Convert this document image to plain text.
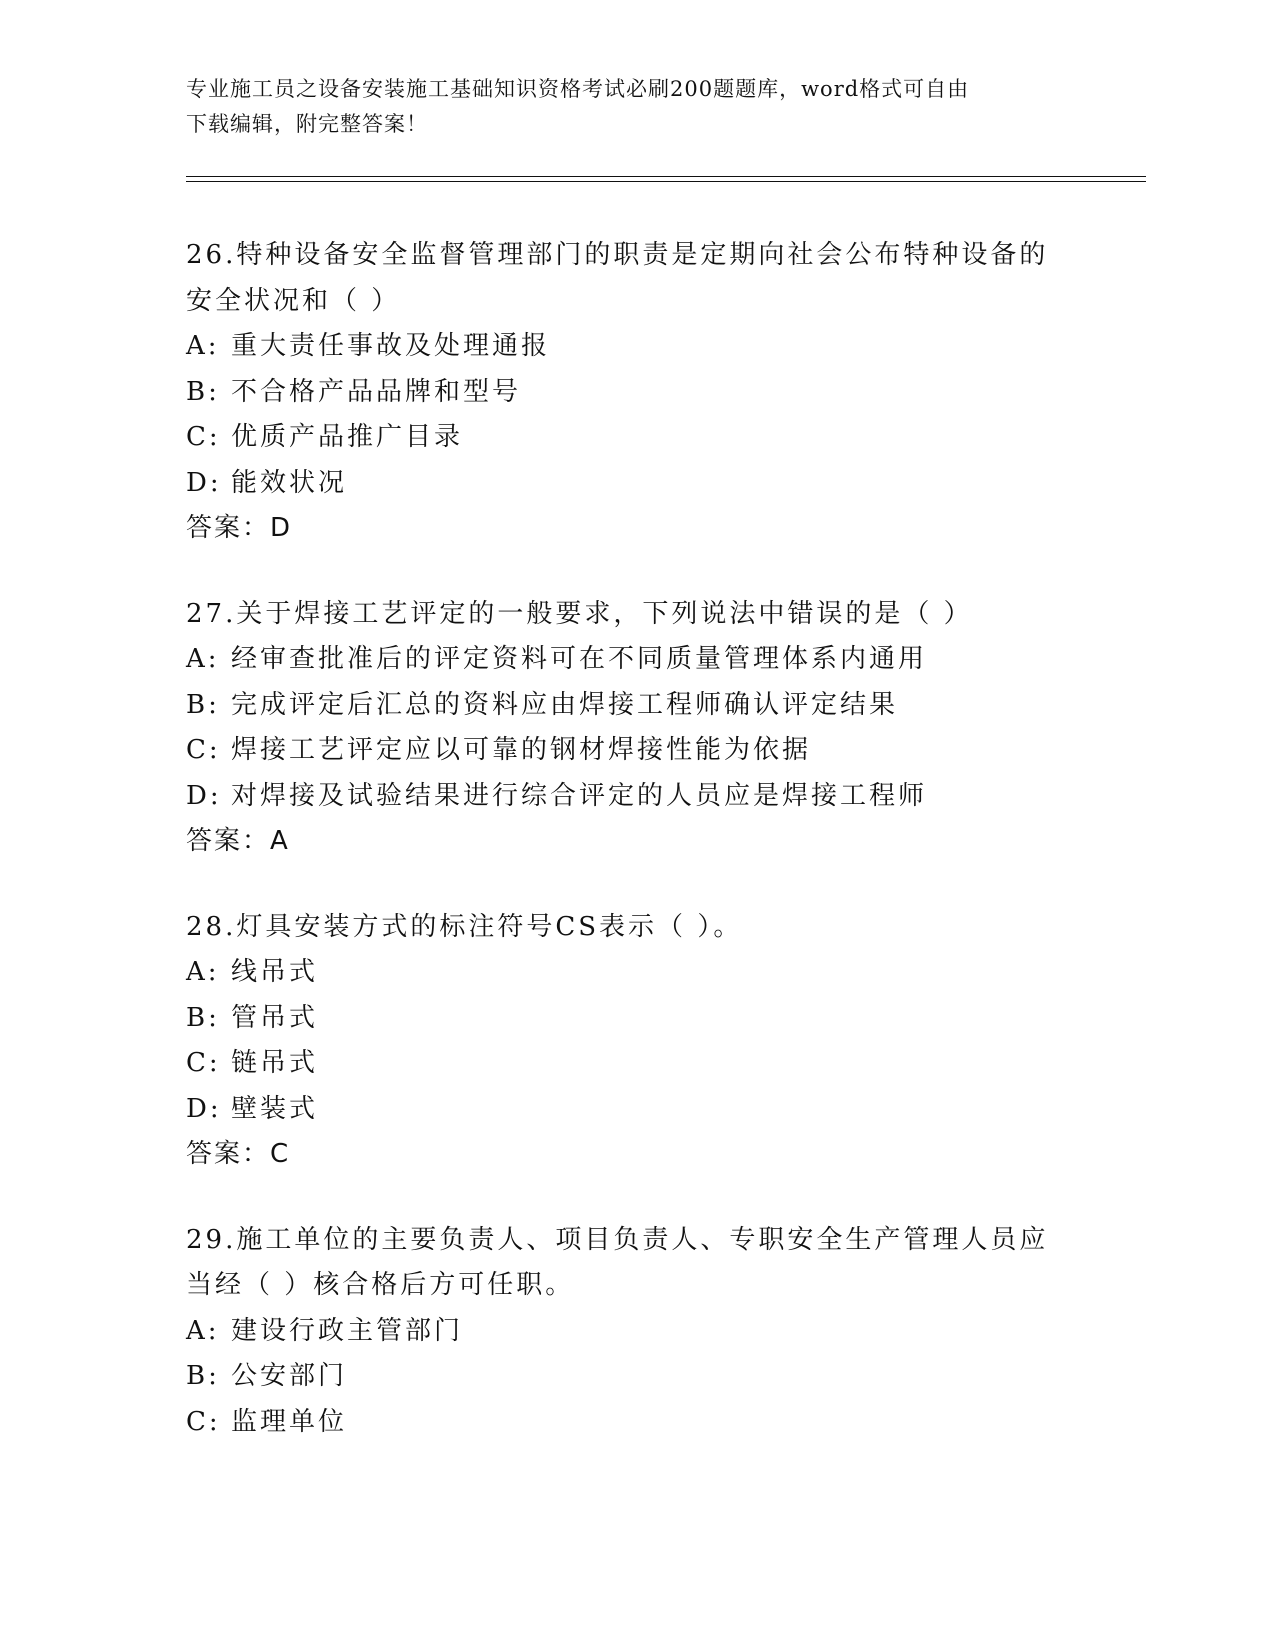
专业施工员之设备安装施工基础知识资格考试必刷200题题库，word格式可自由
下载编辑，附完整答案！
26.特种设备安全监督管理部门的职责是定期向社会公布特种设备的安全状况和（ ）
A: 重大责任事故及处理通报
B: 不合格产品品牌和型号
C: 优质产品推广目录
D: 能效状况
答案：D
27.关于焊接工艺评定的一般要求，下列说法中错误的是（ ）
A: 经审查批准后的评定资料可在不同质量管理体系内通用
B: 完成评定后汇总的资料应由焊接工程师确认评定结果
C: 焊接工艺评定应以可靠的钢材焊接性能为依据
D: 对焊接及试验结果进行综合评定的人员应是焊接工程师
答案：A
28.灯具安装方式的标注符号CS表示（ ）。
A: 线吊式
B: 管吊式
C: 链吊式
D: 壁装式
答案：C
29.施工单位的主要负责人、项目负责人、专职安全生产管理人员应当经（ ）核合格后方可任职。
A: 建设行政主管部门
B: 公安部门
C: 监理单位
